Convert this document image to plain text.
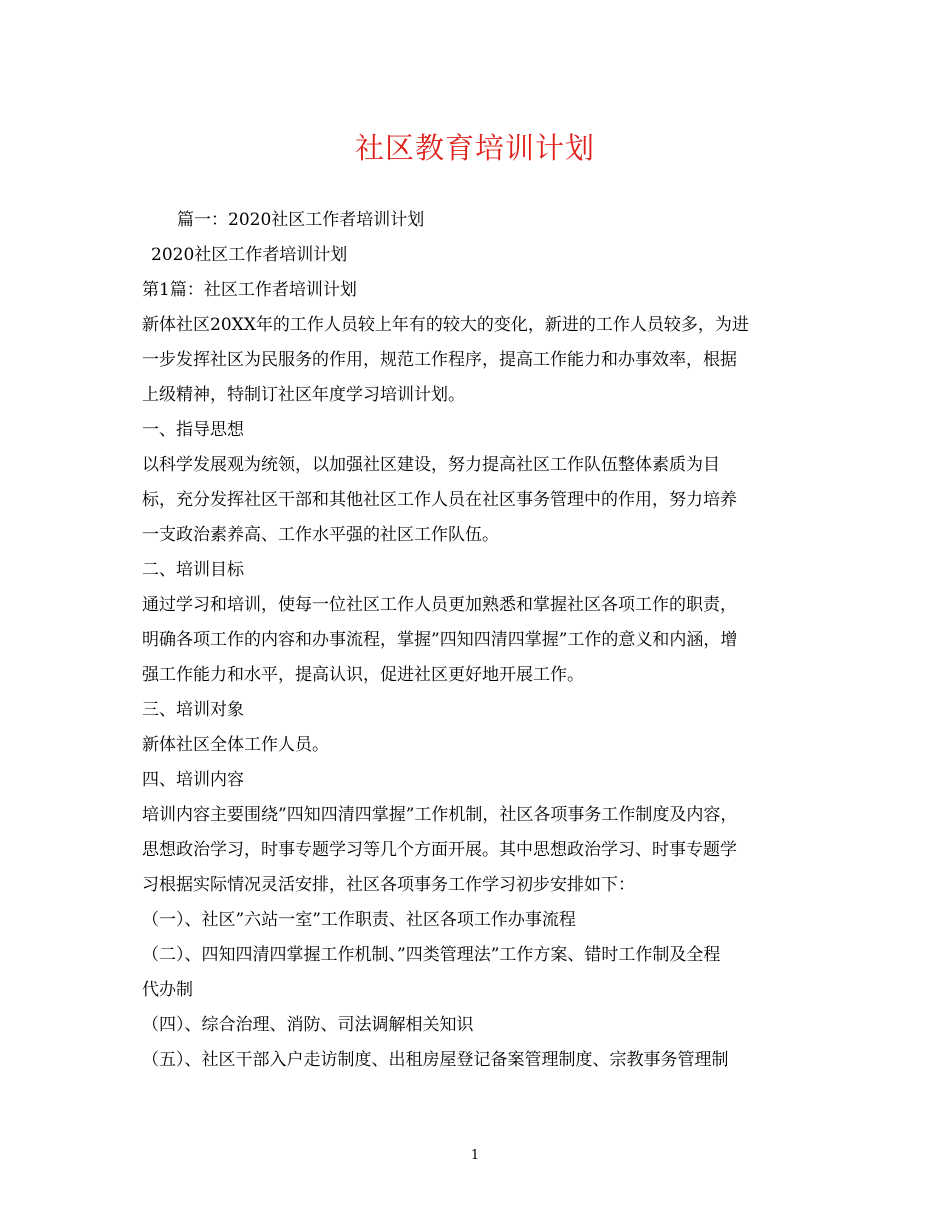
社区教育培训计划

篇一：2020社区工作者培训计划

2020社区工作者培训计划

第1篇：社区工作者培训计划

新体社区20XX年的工作人员较上年有的较大的变化，新进的工作人员较多，为进

一步发挥社区为民服务的作用，规范工作程序，提高工作能力和办事效率，根据

上级精神，特制订社区年度学习培训计划。

一、指导思想

以科学发展观为统领，以加强社区建设，努力提高社区工作队伍整体素质为目

标，充分发挥社区干部和其他社区工作人员在社区事务管理中的作用，努力培养

一支政治素养高、工作水平强的社区工作队伍。

二、培训目标

通过学习和培训，使每一位社区工作人员更加熟悉和掌握社区各项工作的职责，

明确各项工作的内容和办事流程，掌握”四知四清四掌握”工作的意义和内涵，增

强工作能力和水平，提高认识，促进社区更好地开展工作。

三、培训对象

新体社区全体工作人员。

四、培训内容

培训内容主要围绕”四知四清四掌握”工作机制，社区各项事务工作制度及内容，

思想政治学习，时事专题学习等几个方面开展。其中思想政治学习、时事专题学

习根据实际情况灵活安排，社区各项事务工作学习初步安排如下：

（一）、社区”六站一室”工作职责、社区各项工作办事流程

（二）、四知四清四掌握工作机制、”四类管理法”工作方案、错时工作制及全程

代办制

（四）、综合治理、消防、司法调解相关知识

（五）、社区干部入户走访制度、出租房屋登记备案管理制度、宗教事务管理制

1
